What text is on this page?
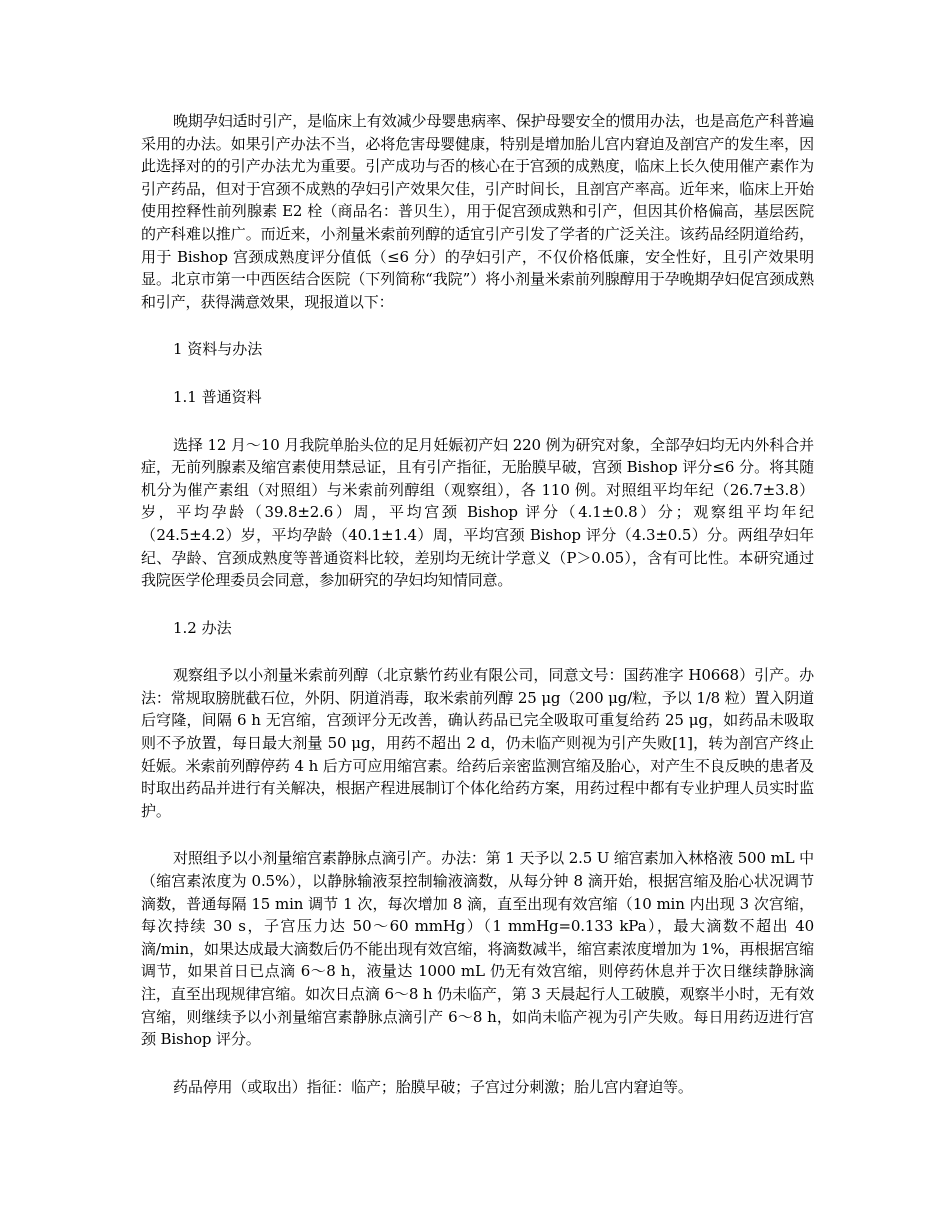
晚期孕妇适时引产，是临床上有效减少母婴患病率、保护母婴安全的惯用办法，也是高危产科普遍采用的办法。如果引产办法不当，必将危害母婴健康，特别是增加胎儿宫内窘迫及剖宫产的发生率，因此选择对的的引产办法尤为重要。引产成功与否的核心在于宫颈的成熟度，临床上长久使用催产素作为引产药品，但对于宫颈不成熟的孕妇引产效果欠佳，引产时间长，且剖宫产率高。近年来，临床上开始使用控释性前列腺素 E2 栓（商品名：普贝生），用于促宫颈成熟和引产，但因其价格偏高，基层医院的产科难以推广。而近来，小剂量米索前列醇的适宜引产引发了学者的广泛关注。该药品经阴道给药，用于 Bishop 宫颈成熟度评分值低（≤6 分）的孕妇引产，不仅价格低廉，安全性好，且引产效果明显。北京市第一中西医结合医院（下列简称“我院”）将小剂量米索前列腺醇用于孕晚期孕妇促宫颈成熟和引产，获得满意效果，现报道以下：

1 资料与办法

1.1 普通资料

选择 12 月～10 月我院单胎头位的足月妊娠初产妇 220 例为研究对象，全部孕妇均无内外科合并症，无前列腺素及缩宫素使用禁忌证，且有引产指征，无胎膜早破，宫颈 Bishop 评分≤6 分。将其随机分为催产素组（对照组）与米索前列醇组（观察组），各 110 例。对照组平均年纪（26.7±3.8）岁，平均孕龄（39.8±2.6）周，平均宫颈 Bishop 评分（4.1±0.8）分；观察组平均年纪（24.5±4.2）岁，平均孕龄（40.1±1.4）周，平均宫颈 Bishop 评分（4.3±0.5）分。两组孕妇年纪、孕龄、宫颈成熟度等普通资料比较，差别均无统计学意义（P＞0.05），含有可比性。本研究通过我院医学伦理委员会同意，参加研究的孕妇均知情同意。

1.2 办法

观察组予以小剂量米索前列醇（北京紫竹药业有限公司，同意文号：国药准字 H0668）引产。办法：常规取膀胱截石位，外阴、阴道消毒，取米索前列醇 25 μg（200 μg/粒，予以 1/8 粒）置入阴道后穹隆，间隔 6 h 无宫缩，宫颈评分无改善，确认药品已完全吸取可重复给药 25 μg，如药品未吸取则不予放置，每日最大剂量 50 μg，用药不超出 2 d，仍未临产则视为引产失败[1]，转为剖宫产终止妊娠。米索前列醇停药 4 h 后方可应用缩宫素。给药后亲密监测宫缩及胎心，对产生不良反映的患者及时取出药品并进行有关解决，根据产程进展制订个体化给药方案，用药过程中都有专业护理人员实时监护。

对照组予以小剂量缩宫素静脉点滴引产。办法：第 1 天予以 2.5 U 缩宫素加入林格液 500 mL 中（缩宫素浓度为 0.5%），以静脉输液泵控制输液滴数，从每分钟 8 滴开始，根据宫缩及胎心状况调节滴数，普通每隔 15 min 调节 1 次，每次增加 8 滴，直至出现有效宫缩（10 min 内出现 3 次宫缩，每次持续 30 s，子宫压力达 50～60 mmHg）（1 mmHg=0.133 kPa），最大滴数不超出 40 滴/min，如果达成最大滴数后仍不能出现有效宫缩，将滴数减半，缩宫素浓度增加为 1%，再根据宫缩调节，如果首日已点滴 6～8 h，液量达 1000 mL 仍无有效宫缩，则停药休息并于次日继续静脉滴注，直至出现规律宫缩。如次日点滴 6～8 h 仍未临产，第 3 天晨起行人工破膜，观察半小时，无有效宫缩，则继续予以小剂量缩宫素静脉点滴引产 6～8 h，如尚未临产视为引产失败。每日用药迈进行宫颈 Bishop 评分。

药品停用（或取出）指征：临产；胎膜早破；子宫过分刺激；胎儿宫内窘迫等。
